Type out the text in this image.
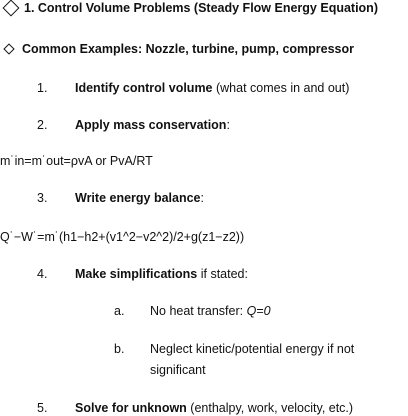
1. Control Volume Problems (Steady Flow Energy Equation)
Common Examples: Nozzle, turbine, pump, compressor
1. Identify control volume (what comes in and out)
2. Apply mass conservation:
m˙in=m˙out=ρvA or PvA/RT
3. Write energy balance:
Q˙−W˙=m˙(h1−h2+(v1^2−v2^2)/2+g(z1−z2))
4. Make simplifications if stated:
a. No heat transfer: Q=0
b. Neglect kinetic/potential energy if not
significant
5. Solve for unknown (enthalpy, work, velocity, etc.)
